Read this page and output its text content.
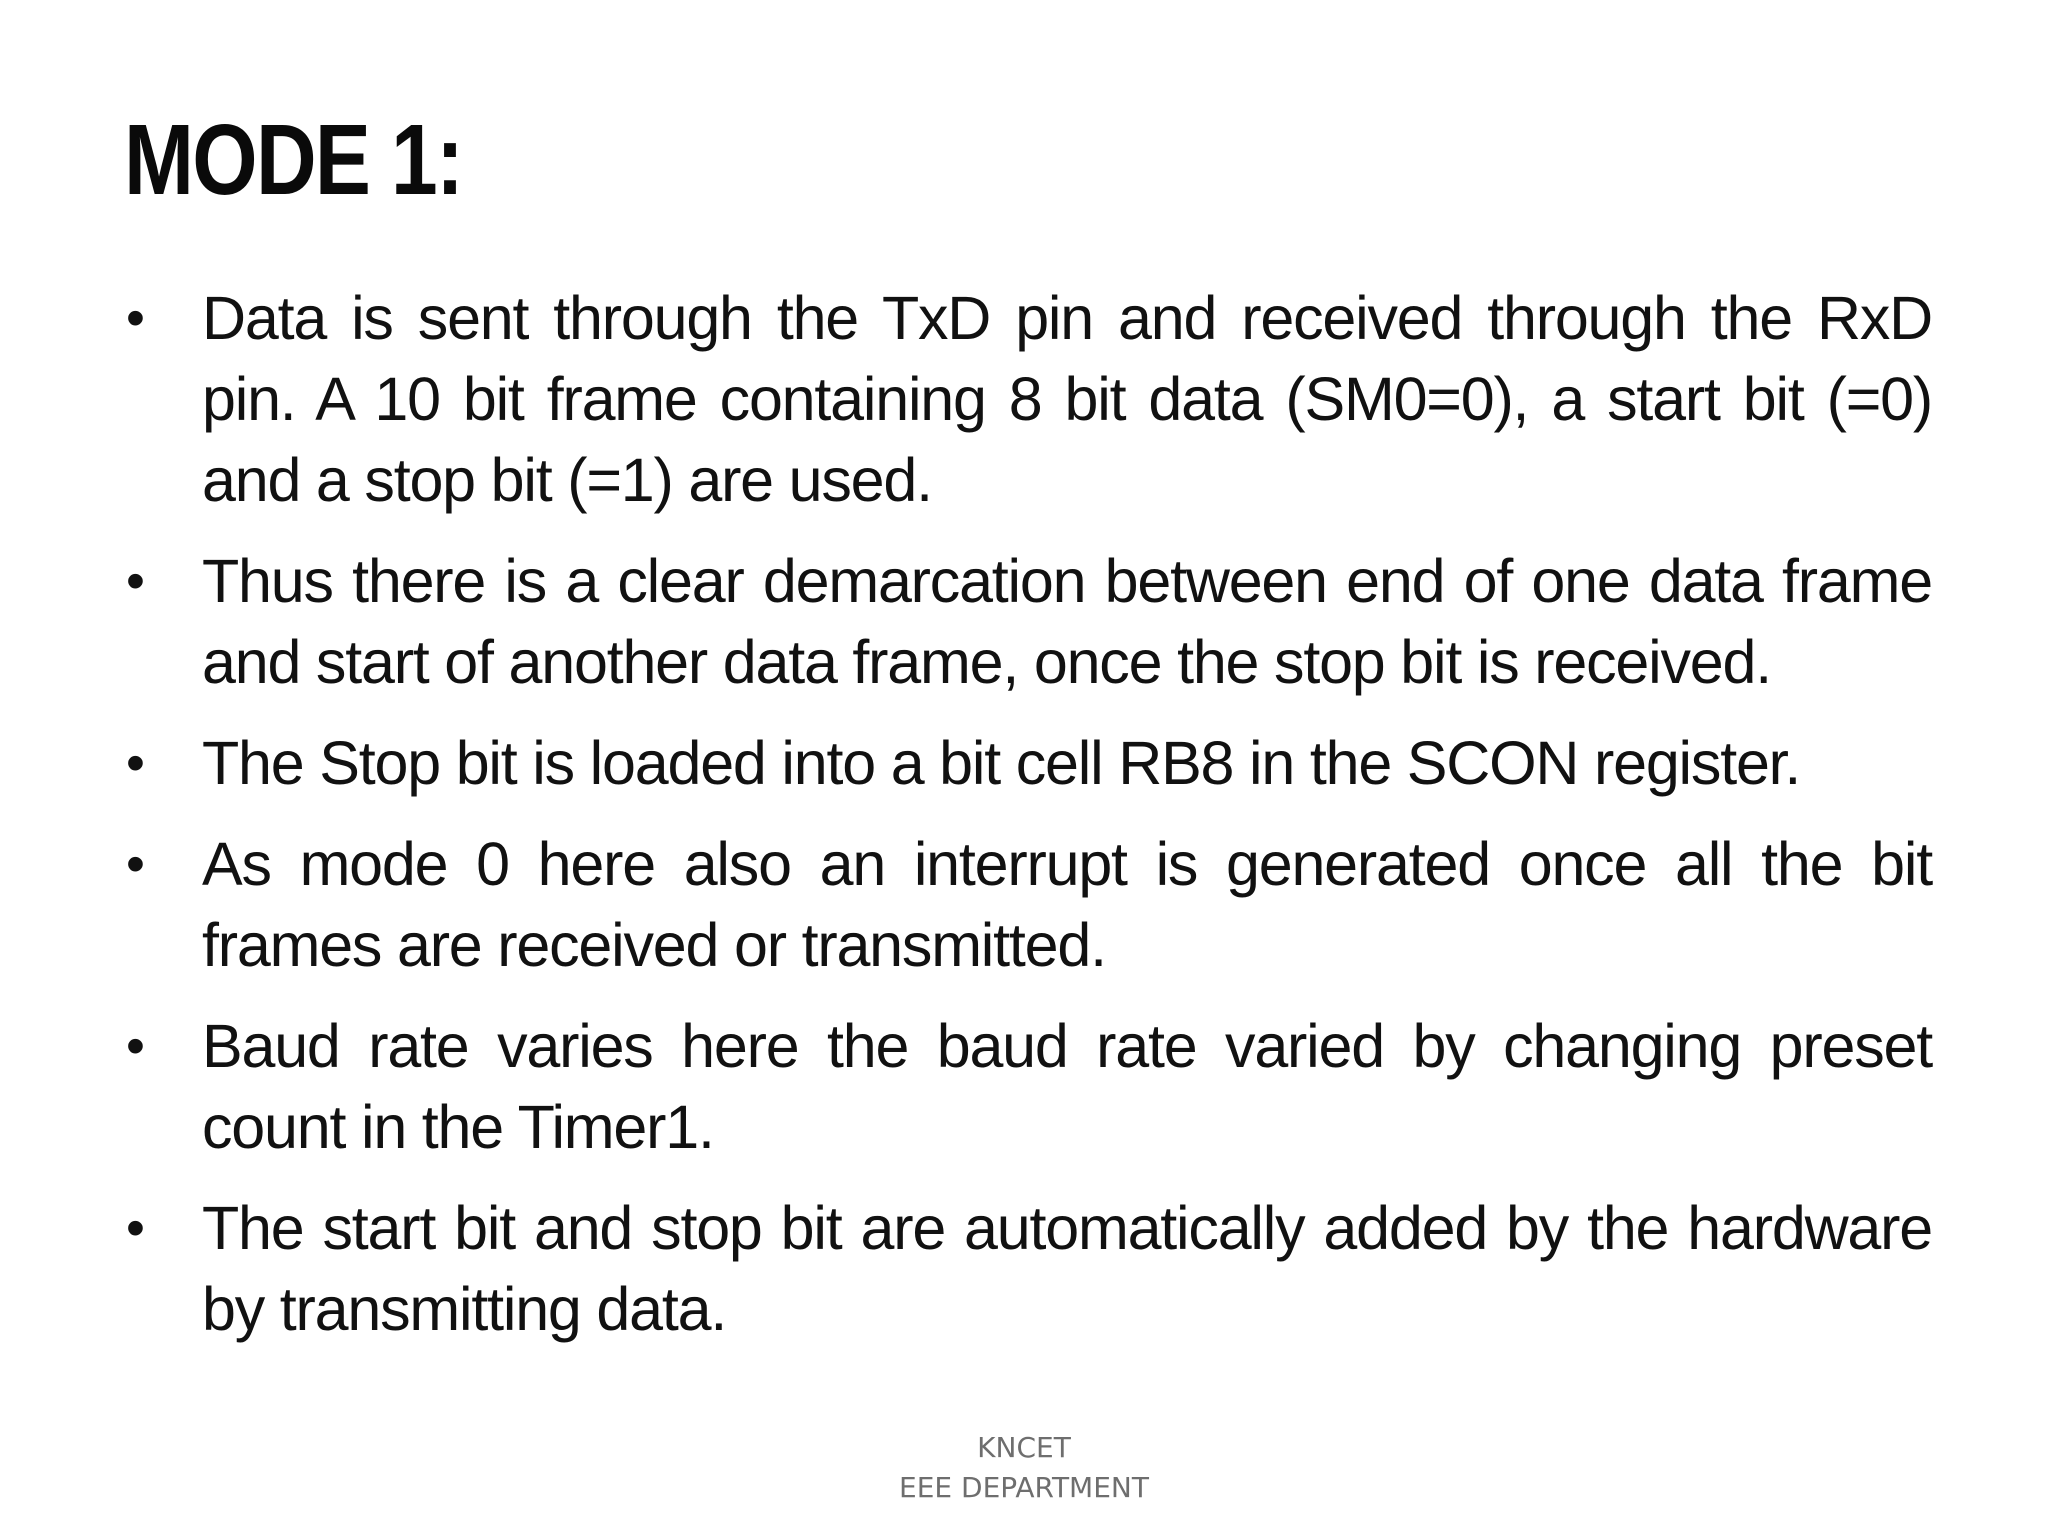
MODE 1:
• Data is sent through the TxD pin and received through the RxD pin. A 10 bit frame containing 8 bit data (SM0=0), a start bit (=0) and a stop bit (=1) are used.
• Thus there is a clear demarcation between end of one data frame and start of another data frame, once the stop bit is received.
• The Stop bit is loaded into a bit cell RB8 in the SCON register.
• As mode 0 here also an interrupt is generated once all the bit frames are received or transmitted.
• Baud rate varies here the baud rate varied by changing preset count in the Timer1.
• The start bit and stop bit are automatically added by the hardware by transmitting data.
KNCET
EEE DEPARTMENT
